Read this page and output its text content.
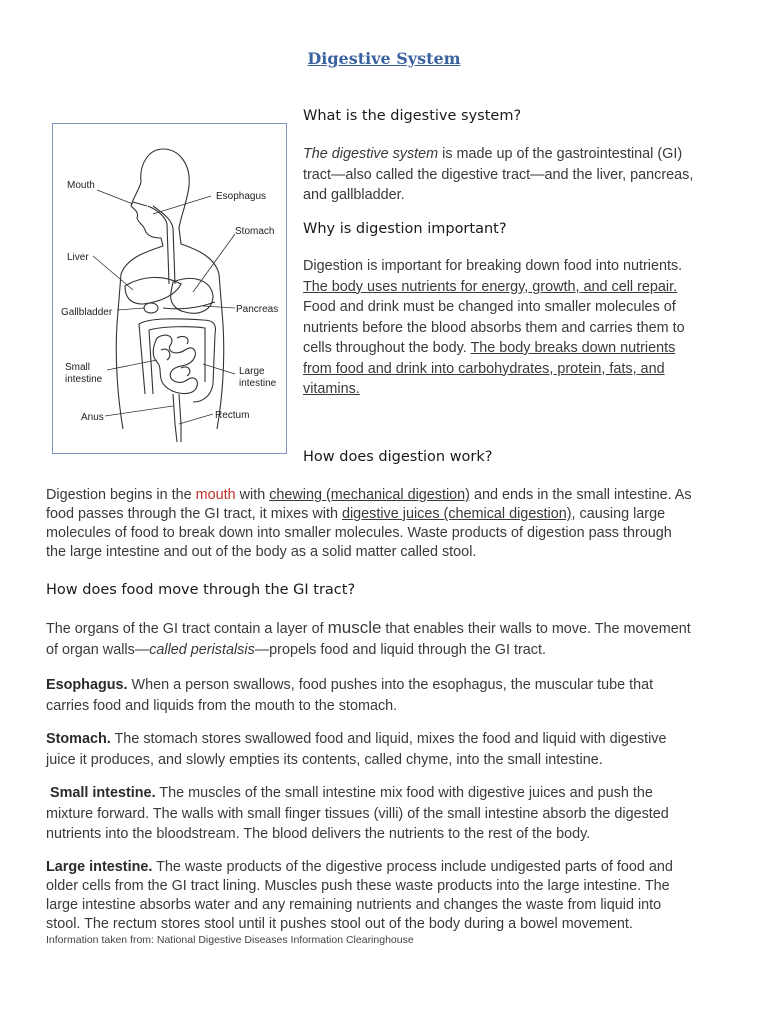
Digestive System
Mouth
Esophagus
Stomach
Liver
Gallbladder	Pancreas
Small
intestine
Large
intestine
Anus	Rectum
What is the digestive system?
The digestive system is made up of the gastrointestinal (GI)
tract—also called the digestive tract—and the liver, pancreas,
and gallbladder.
Why is digestion important?
Digestion is important for breaking down food into nutrients.
The body uses nutrients for energy, growth, and cell repair.
Food and drink must be changed into smaller molecules of
nutrients before the blood absorbs them and carries them to
cells throughout the body. The body breaks down nutrients
from food and drink into carbohydrates, protein, fats, and
vitamins.
How does digestion work?
Digestion begins in the mouth with chewing (mechanical digestion) and ends in the small intestine. As
food passes through the GI tract, it mixes with digestive juices (chemical digestion), causing large
molecules of food to break down into smaller molecules. Waste products of digestion pass through
the large intestine and out of the body as a solid matter called stool.
How does food move through the GI tract?
The organs of the GI tract contain a layer of muscle that enables their walls to move. The movement
of organ walls—called peristalsis—propels food and liquid through the GI tract.
Esophagus. When a person swallows, food pushes into the esophagus, the muscular tube that
carries food and liquids from the mouth to the stomach.
Stomach. The stomach stores swallowed food and liquid, mixes the food and liquid with digestive
juice it produces, and slowly empties its contents, called chyme, into the small intestine.
Small intestine. The muscles of the small intestine mix food with digestive juices and push the
mixture forward. The walls with small finger tissues (villi) of the small intestine absorb the digested
nutrients into the bloodstream. The blood delivers the nutrients to the rest of the body.
Large intestine. The waste products of the digestive process include undigested parts of food and
older cells from the GI tract lining. Muscles push these waste products into the large intestine. The
large intestine absorbs water and any remaining nutrients and changes the waste from liquid into
stool. The rectum stores stool until it pushes stool out of the body during a bowel movement.
Information taken from: National Digestive Diseases Information Clearinghouse
